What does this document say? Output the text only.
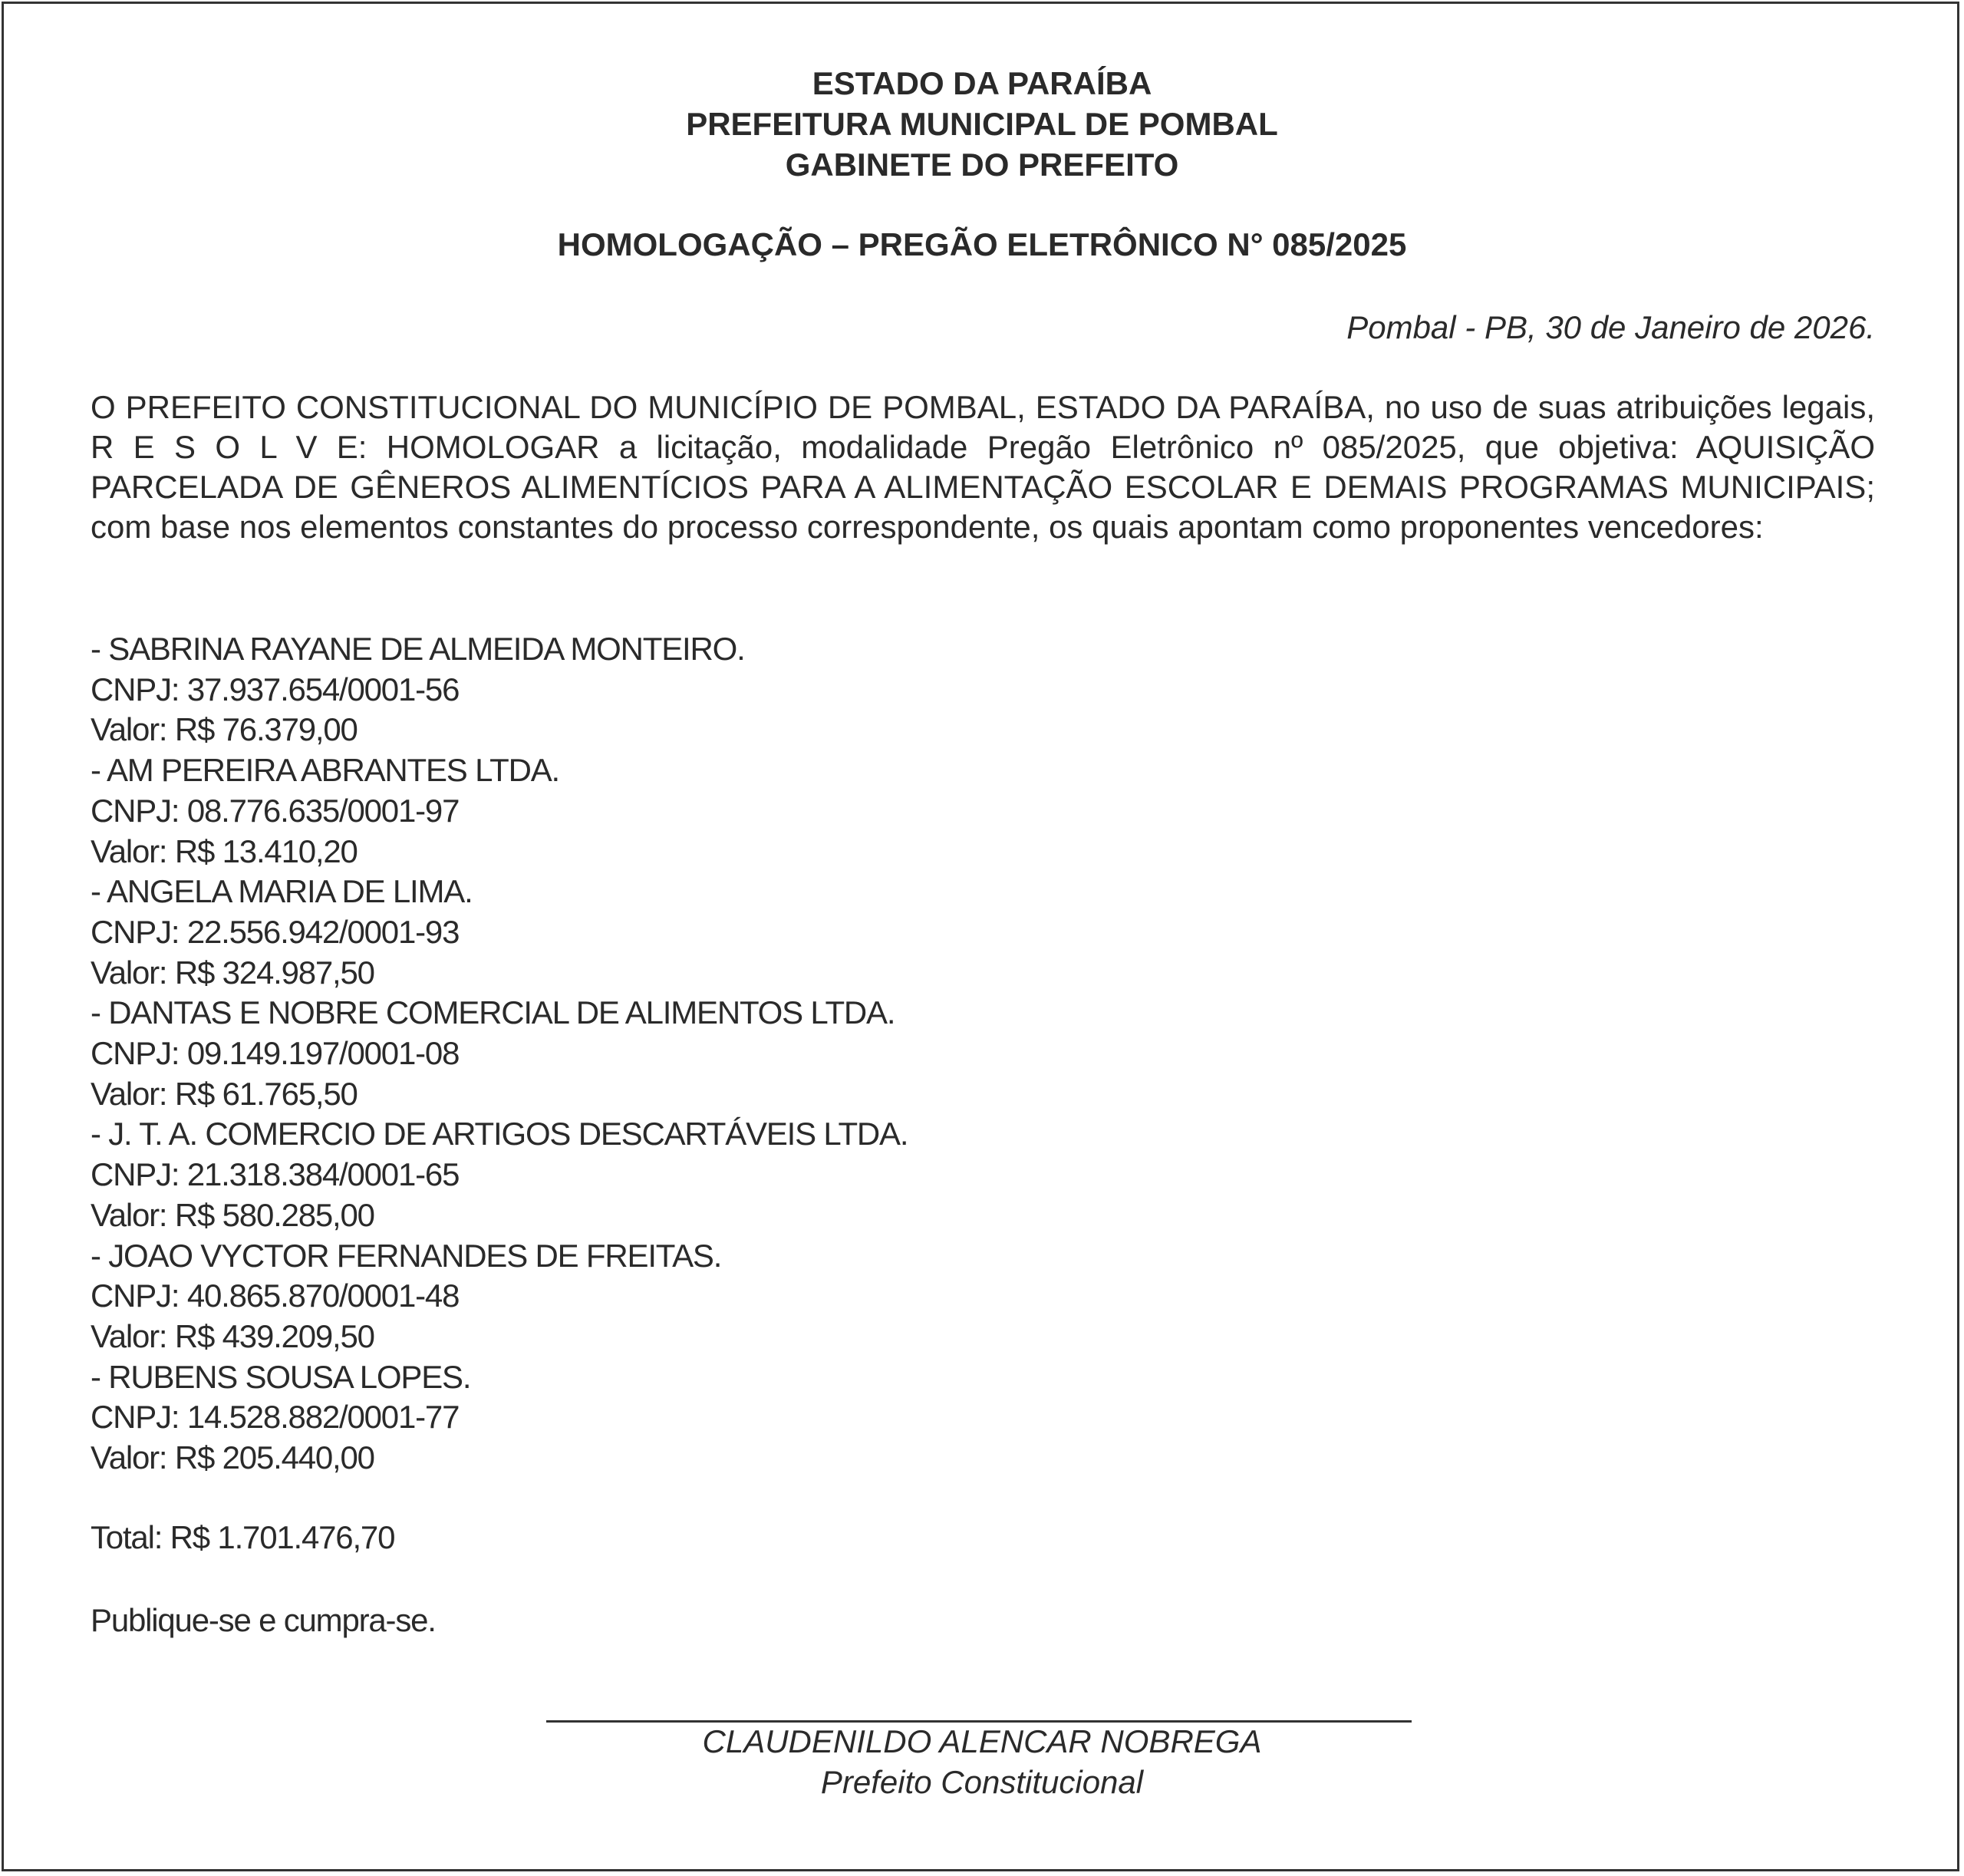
ESTADO DA PARAÍBA
PREFEITURA MUNICIPAL DE POMBAL
GABINETE DO PREFEITO
HOMOLOGAÇÃO – PREGÃO ELETRÔNICO N° 085/2025
Pombal - PB, 30 de Janeiro de 2026.
O PREFEITO CONSTITUCIONAL DO MUNICÍPIO DE POMBAL, ESTADO DA PARAÍBA, no uso de suas atribuições legais, R E S O L V E: HOMOLOGAR a licitação, modalidade Pregão Eletrônico nº 085/2025, que objetiva: AQUISIÇÃO PARCELADA DE GÊNEROS ALIMENTÍCIOS PARA A ALIMENTAÇÃO ESCOLAR E DEMAIS PROGRAMAS MUNICIPAIS; com base nos elementos constantes do processo correspondente, os quais apontam como proponentes vencedores:
- SABRINA RAYANE DE ALMEIDA MONTEIRO.
CNPJ: 37.937.654/0001-56
Valor: R$ 76.379,00
- AM PEREIRA ABRANTES LTDA.
CNPJ: 08.776.635/0001-97
Valor: R$ 13.410,20
- ANGELA MARIA DE LIMA.
CNPJ: 22.556.942/0001-93
Valor: R$ 324.987,50
- DANTAS E NOBRE COMERCIAL DE ALIMENTOS LTDA.
CNPJ: 09.149.197/0001-08
Valor: R$ 61.765,50
- J. T. A. COMERCIO DE ARTIGOS DESCARTÁVEIS LTDA.
CNPJ: 21.318.384/0001-65
Valor: R$ 580.285,00
- JOAO VYCTOR FERNANDES DE FREITAS.
CNPJ: 40.865.870/0001-48
Valor: R$ 439.209,50
- RUBENS SOUSA LOPES.
CNPJ: 14.528.882/0001-77
Valor: R$ 205.440,00
Total: R$ 1.701.476,70
Publique-se e cumpra-se.
CLAUDENILDO ALENCAR NOBREGA
Prefeito Constitucional
